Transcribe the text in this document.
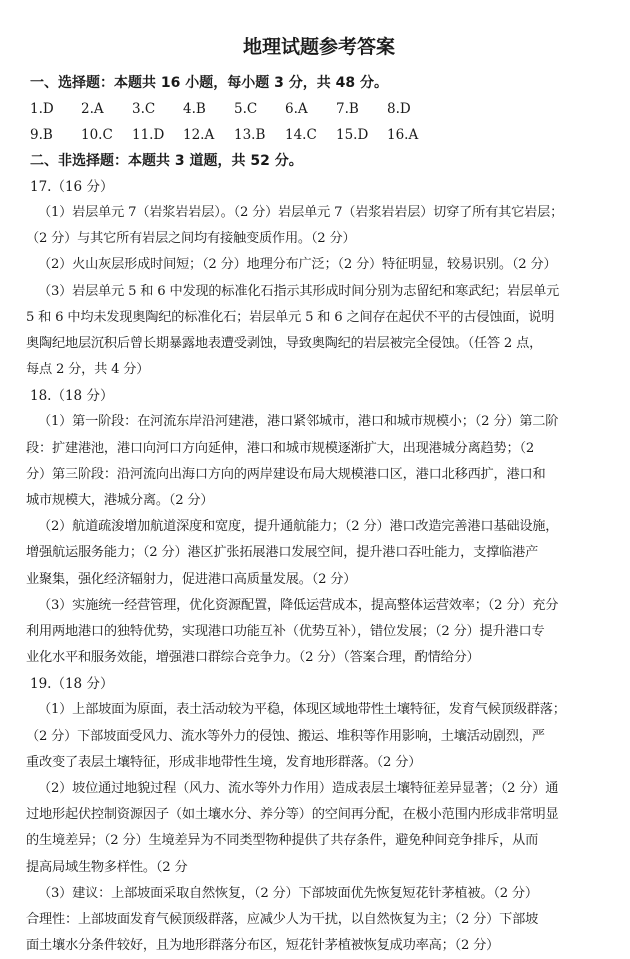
地理试题参考答案
一、选择题：本题共 16 小题，每小题 3 分，共 48 分。
1.D	2.A	3.C	4.B	5.C	6.A	7.B	8.D
9.B	10.C	11.D	12.A	13.B	14.C	15.D	16.A
二、非选择题：本题共 3 道题，共 52 分。
17.（16 分）
（1）岩层单元 7（岩浆岩岩层）。（2 分）岩层单元 7（岩浆岩岩层）切穿了所有其它岩层；
（2 分）与其它所有岩层之间均有接触变质作用。（2 分）
（2）火山灰层形成时间短；（2 分）地理分布广泛；（2 分）特征明显，较易识别。（2 分）
（3）岩层单元 5 和 6 中发现的标准化石指示其形成时间分别为志留纪和寒武纪；岩层单元
5 和 6 中均未发现奥陶纪的标准化石；岩层单元 5 和 6 之间存在起伏不平的古侵蚀面，说明
奥陶纪地层沉积后曾长期暴露地表遭受剥蚀，导致奥陶纪的岩层被完全侵蚀。（任答 2 点，
每点 2 分，共 4 分）
18.（18 分）
（1）第一阶段：在河流东岸沿河建港，港口紧邻城市，港口和城市规模小；（2 分）第二阶
段：扩建港池，港口向河口方向延伸，港口和城市规模逐渐扩大，出现港城分离趋势；（2
分）第三阶段：沿河流向出海口方向的两岸建设布局大规模港口区，港口北移西扩，港口和
城市规模大，港城分离。（2 分）
（2）航道疏浚增加航道深度和宽度，提升通航能力；（2 分）港口改造完善港口基础设施，
增强航运服务能力；（2 分）港区扩张拓展港口发展空间，提升港口吞吐能力，支撑临港产
业聚集，强化经济辐射力，促进港口高质量发展。（2 分）
（3）实施统一经营管理，优化资源配置，降低运营成本，提高整体运营效率；（2 分）充分
利用两地港口的独特优势，实现港口功能互补（优势互补），错位发展；（2 分）提升港口专
业化水平和服务效能，增强港口群综合竞争力。（2 分）（答案合理，酌情给分）
19.（18 分）
（1）上部坡面为原面，表土活动较为平稳，体现区域地带性土壤特征，发育气候顶级群落；
（2 分）下部坡面受风力、流水等外力的侵蚀、搬运、堆积等作用影响，土壤活动剧烈，严
重改变了表层土壤特征，形成非地带性生境，发育地形群落。（2 分）
（2）坡位通过地貌过程（风力、流水等外力作用）造成表层土壤特征差异显著；（2 分）通
过地形起伏控制资源因子（如土壤水分、养分等）的空间再分配，在极小范围内形成非常明显
的生境差异；（2 分）生境差异为不同类型物种提供了共存条件，避免种间竞争排斥，从而
提高局域生物多样性。（2 分
（3）建议：上部坡面采取自然恢复，（2 分）下部坡面优先恢复短花针茅植被。（2 分）
合理性：上部坡面发育气候顶级群落，应减少人为干扰，以自然恢复为主；（2 分）下部坡
面土壤水分条件较好，且为地形群落分布区，短花针茅植被恢复成功率高；（2 分）
